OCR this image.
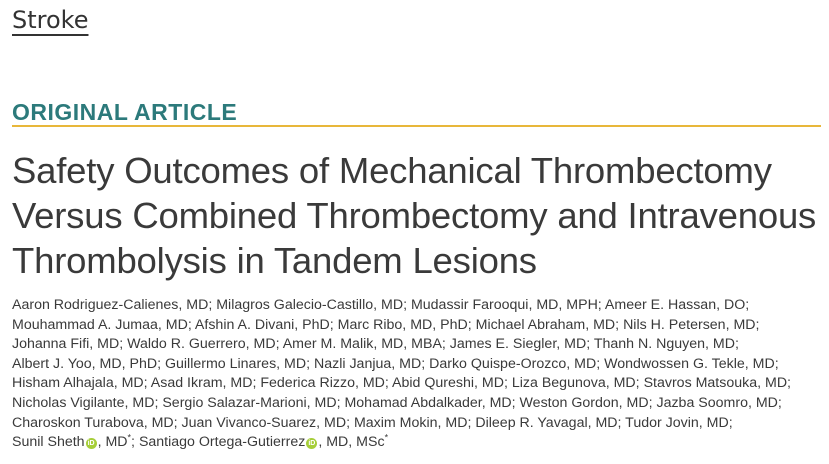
Stroke
ORIGINAL ARTICLE
Safety Outcomes of Mechanical Thrombectomy
Versus Combined Thrombectomy and Intravenous
Thrombolysis in Tandem Lesions
Aaron Rodriguez-Calienes, MD; Milagros Galecio-Castillo, MD; Mudassir Farooqui, MD, MPH; Ameer E. Hassan, DO;
Mouhammad A. Jumaa, MD; Afshin A. Divani, PhD; Marc Ribo, MD, PhD; Michael Abraham, MD; Nils H. Petersen, MD;
Johanna Fifi, MD; Waldo R. Guerrero, MD; Amer M. Malik, MD, MBA; James E. Siegler, MD; Thanh N. Nguyen, MD;
Albert J. Yoo, MD, PhD; Guillermo Linares, MD; Nazli Janjua, MD; Darko Quispe-Orozco, MD; Wondwossen G. Tekle, MD;
Hisham Alhajala, MD; Asad Ikram, MD; Federica Rizzo, MD; Abid Qureshi, MD; Liza Begunova, MD; Stavros Matsouka, MD;
Nicholas Vigilante, MD; Sergio Salazar-Marioni, MD; Mohamad Abdalkader, MD; Weston Gordon, MD; Jazba Soomro, MD;
Charoskon Turabova, MD; Juan Vivanco-Suarez, MD; Maxim Mokin, MD; Dileep R. Yavagal, MD; Tudor Jovin, MD;
Sunil Sheth iD , MD*; Santiago Ortega-Gutierrez iD , MD, MSc*
